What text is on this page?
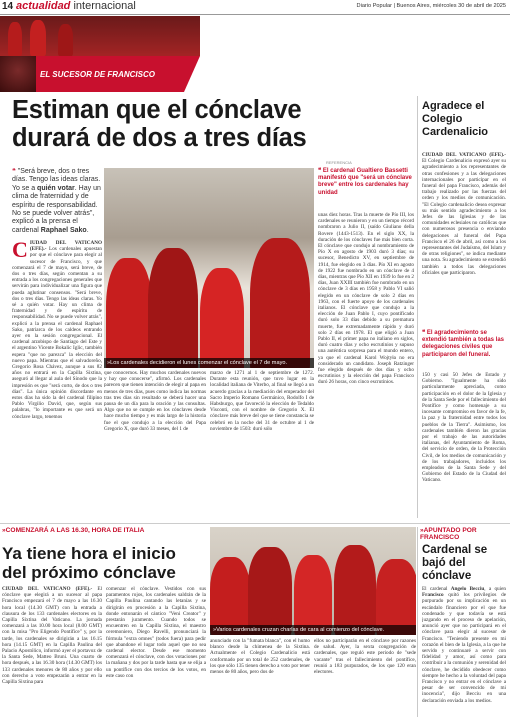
14 actualidad internacional	Diario Popular | Buenos Aires, miércoles 30 de abril de 2025
EL SUCESOR DE FRANCISCO
Estiman que el cónclave
durará de dos a tres días
REFERENCIA
❝ "Será breve, dos o tres días. Tengo las ideas claras. Yo se a quién votar. Hay un clima de fraternidad y de espíritu de responsabilidad. No se puede volver atrás", explicó a la prensa el cardenal Raphael Sako.
»Los cardenales decidieron el lunes comenzar el cónclave el 7 de mayo.
C IUDAD DEL VATICANO (EFE).- Los cardenales apuestan por que el cónclave para elegir al sucesor de Francisco, y que comenzará el 7 de mayo, será breve, de dos o tres días, según comentan a su entrada a los congregaciones generales que servirán para individualizar una figura que pueda aglutinar consensos. "Será breve, dos o tres días. Tengo las ideas claras. Yo sé a quién votar. Hay un clima de fraternidad y de espíritu de responsabilidad. No se puede volver atrás", explicó a la prensa el cardenal Raphael Sako, patriarca de los caldeos entrando ayer en la sesión congregacional. El cardenal arzobispo de Santiago del Este y el argentino Vicente Bokalic Iglic, también espera "que no parezca" la elección del nuevo papa. Mientras que el salvadoreño, Gregorio Rosa Chávez, aunque a sus 82 años no entrará en la Capilla Sixtina, aseguró al llegar al aula del Sínodo que la impresión es que "será corto, de dos o tres días". La única opinión discordante en estos días ha sido la del cardenal filipino Pablo Virgilio David, que, según sus palabras, "lo importante es que será un cónclave largo, tenemos
que conocernos. Hay muchos cardenales nuevos y hay que conocerse", afirmó. Los cardenales parecen que tienen intención de elegir al papa en menos de tres días, pues como indica las normas tras tres días sin resultado se deberá hacer una pausa de un día para la oración y las consultas. Algo que no se cumple en los cónclaves desde hace mucho tiempo y es más largo de la historia fue el que condujo a la elección del Papa Gregorio X, que duró 33 meses, del 1 de
marzo de 1271 al 1 de septiembre de 1272. Durante esta reunión, que tuvo lugar en la localidad italiana de Viterbo, al final se llegó a un acuerdo gracias a la mediación del emperador del Sacro Imperio Romano Germánico, Rodolfo I de Habsburgo, que favoreció la elección de Tedaldo Visconti, con el nombre de Gregorio X. El cónclave más breve del que se tiene constancia se celebró en la noche del 31 de octubre al 1 de noviembre de 1503: duró sólo
❝ El cardenal Gualtiero Bassetti manifestó que "será un cónclave breve" entre los cardenales hay unidad
unas diez horas. Tras la muerte de Pío III, los cardenales se reunieron y en un tiempo récord nombraron a Julio II, (saído Giuliano della Rovere (1443-1513). En el siglo XX, la duración de los cónclaves fue más bien corta. El cónclave que condujo al nombramiento de Pío X en agosto de 1903 duró 3 días; su sucesor, Benedicto XV, en septiembre de 1914, fue elegido en 3 días. Pío XI en agosto de 1922 fue nombrado en un cónclave de 4 días, mientras que Pío XII en 1939 lo fue en 2 días, Juan XXIII también fue nombrado en un cónclave de 3 días en 1958 y Pablo VI salió elegido en un cónclave de solo 2 días en 1963, con el fuerte apoyo de los cardenales italianos. El cónclave que condujo a la elección de Juan Pablo I, cuyo pontificado duró solo 33 días debido a su prematura muerte, fue extremadamente rápido y duró solo 2 días en 1978. El que eligió a Juan Pablo II, el primer papa no italiano en siglos, duró cuatro días y ocho escrutinios y supuso una auténtica sorpresa para el mundo entero, ya que el cardenal Karol Wojtyła no era considerado un candidato. Joseph Ratzinger fue elegido después de dos días y ocho escrutinios y la elección del papa Francisco duró 26 horas, con cinco escrutinios.
Agradece el Colegio Cardenalicio
CIUDAD DEL VATICANO (EFE).- El Colegio Cardenalicio expresó ayer su agradecimiento a los representantes de otras confesiones y a las delegaciones internacionales por participar en el funeral del papa Francisco, además del trabajo realizado por las fuerzas del orden y los medios de comunicación. "El Colegio cardenalicio desea expresar su más sentido agradecimiento a los Jefes de las Iglesias y de las comunidades eclesiales no católicas que con numerosos presencia o enviando delegaciones al funeral del Papa Francisco el 26 de abril, así como a los representantes del Judaísmo, del Islam y de otras religiones", se indica mediante una nota. Su agradecimiento se extendió también a todos las delegaciones oficiales que participaron.
❝ El agradecimiento se extendió también a todas las delegaciones civiles que participaron del funeral.
150 y casi 50 Jefes de Estado y Gobierno. "Igualmente ha sido particularmente apreciada, como participación en el dolor de la Iglesia y de la Santa Sede por el fallecimiento del Pontífice y como homenaje a su incesante compromiso en favor de la fe, la paz y la fraternidad entre todos los pueblos de la Tierra". Asimismo, los cardenales también dieron las gracias por el trabajo de las autoridades italianas, del Ayuntamiento de Roma, del servicio de orden, de la Protección Civil, de los medios de comunicación y de los trabajadores, incluidos los empleados de la Santa Sede y del Gobierno del Estado de la Ciudad del Vaticano.
»COMENZARÁ A LAS 16.30, HORA DE ITALIA
Ya tiene hora el inicio
del próximo cónclave
CIUDAD DEL VATICANO (EFE).- El cónclave que elegirá a un sucesor al papa Francisco empezará el 7 de mayo a las 16.30 hora local (14.30 GMT) con la entrada a clausura de los 133 cardenales electores en la Capilla Sixtina del Vaticano. La jornada comenzará a las 10.00 hora local (8.00 GMT) con la misa "Pro Eligendo Pontifice" y, por la tarde, los cardenales se dirigirán a las 16.15 hora (14.15 GMT) en la Capilla Paulina del Palacio Apostólico, informó ayer el portavoz de la Santa Sede, Matteo Bruni. Una cuarto de hora después, a las 16.30 hora (14.30 GMT) los 133 cardenales menores de 80 años y por ello con derecho a voto empezarán a entrar en la Capilla Sixtina para
comenzar el cónclave. Vestidos con sus paramentos rojos, los cardenales saldrán de la Capilla Paulina cantando las letanías y se dirigirán en procesión a la Capilla Sixtina, donde entonarán el cántico "Veni Creator" y prestarán juramento. Cuando todos se encuentren en la Capilla Sixtina, el maestro ceremoniero, Diego Ravelli, pronunciará la fórmula "extra omnes" (todos fuera) para pedir que abandone el lugar todo aquel que no sea cardenal elector. Desde ese momento comenzará el cónclave, con dos votaciones por la mañana y dos por la tarde hasta que se elija a un pontífice con dos tercios de los votos, en este caso con
»Varios cardenales cruzan charlas de cara al comienzo del cónclave.
anunciado con la "fumata blanca", con el humo blanco desde la chimenea de la Sixtina. Actualmente el Colegio Cardenalicio está conformado por un total de 252 cardenales, de los que sólo 135 tienen derecho a voto por tener menos de 80 años, pero dos de
ellos no participarán en el cónclave por razones de salud. Ayer, la sexta congregación de cardenales, que reguló este periodo de "sede vacante" tras el fallecimiento del pontífice, reunió a 183 purpurados, de los que 120 eran electores.
»APUNTADO POR FRANCISCO
Cardenal se bajó del cónclave
El cardenal Angelo Becciu, a quien Francisco quitó los privilegios de purpurado por su implicación en un escándalo financiero por el que fue condenado y que todavía se está juzgando en el proceso de apelación, anunció ayer que no participará en el cónclave para elegir al sucesor de Francisco. "Teniendo presente en mi corazón el bien de la Iglesia, a la que he servido y continuaré a servir con fidelidad y amor, así como para contribuir a la comunión y serenidad del cónclave, he decidido obedecer como siempre he hecho a la voluntad del papa Francisco y no entrar en el cónclave a pesar de ser convencido de mi inocencia", dijo Becciu en una declaración enviada a los medios.
